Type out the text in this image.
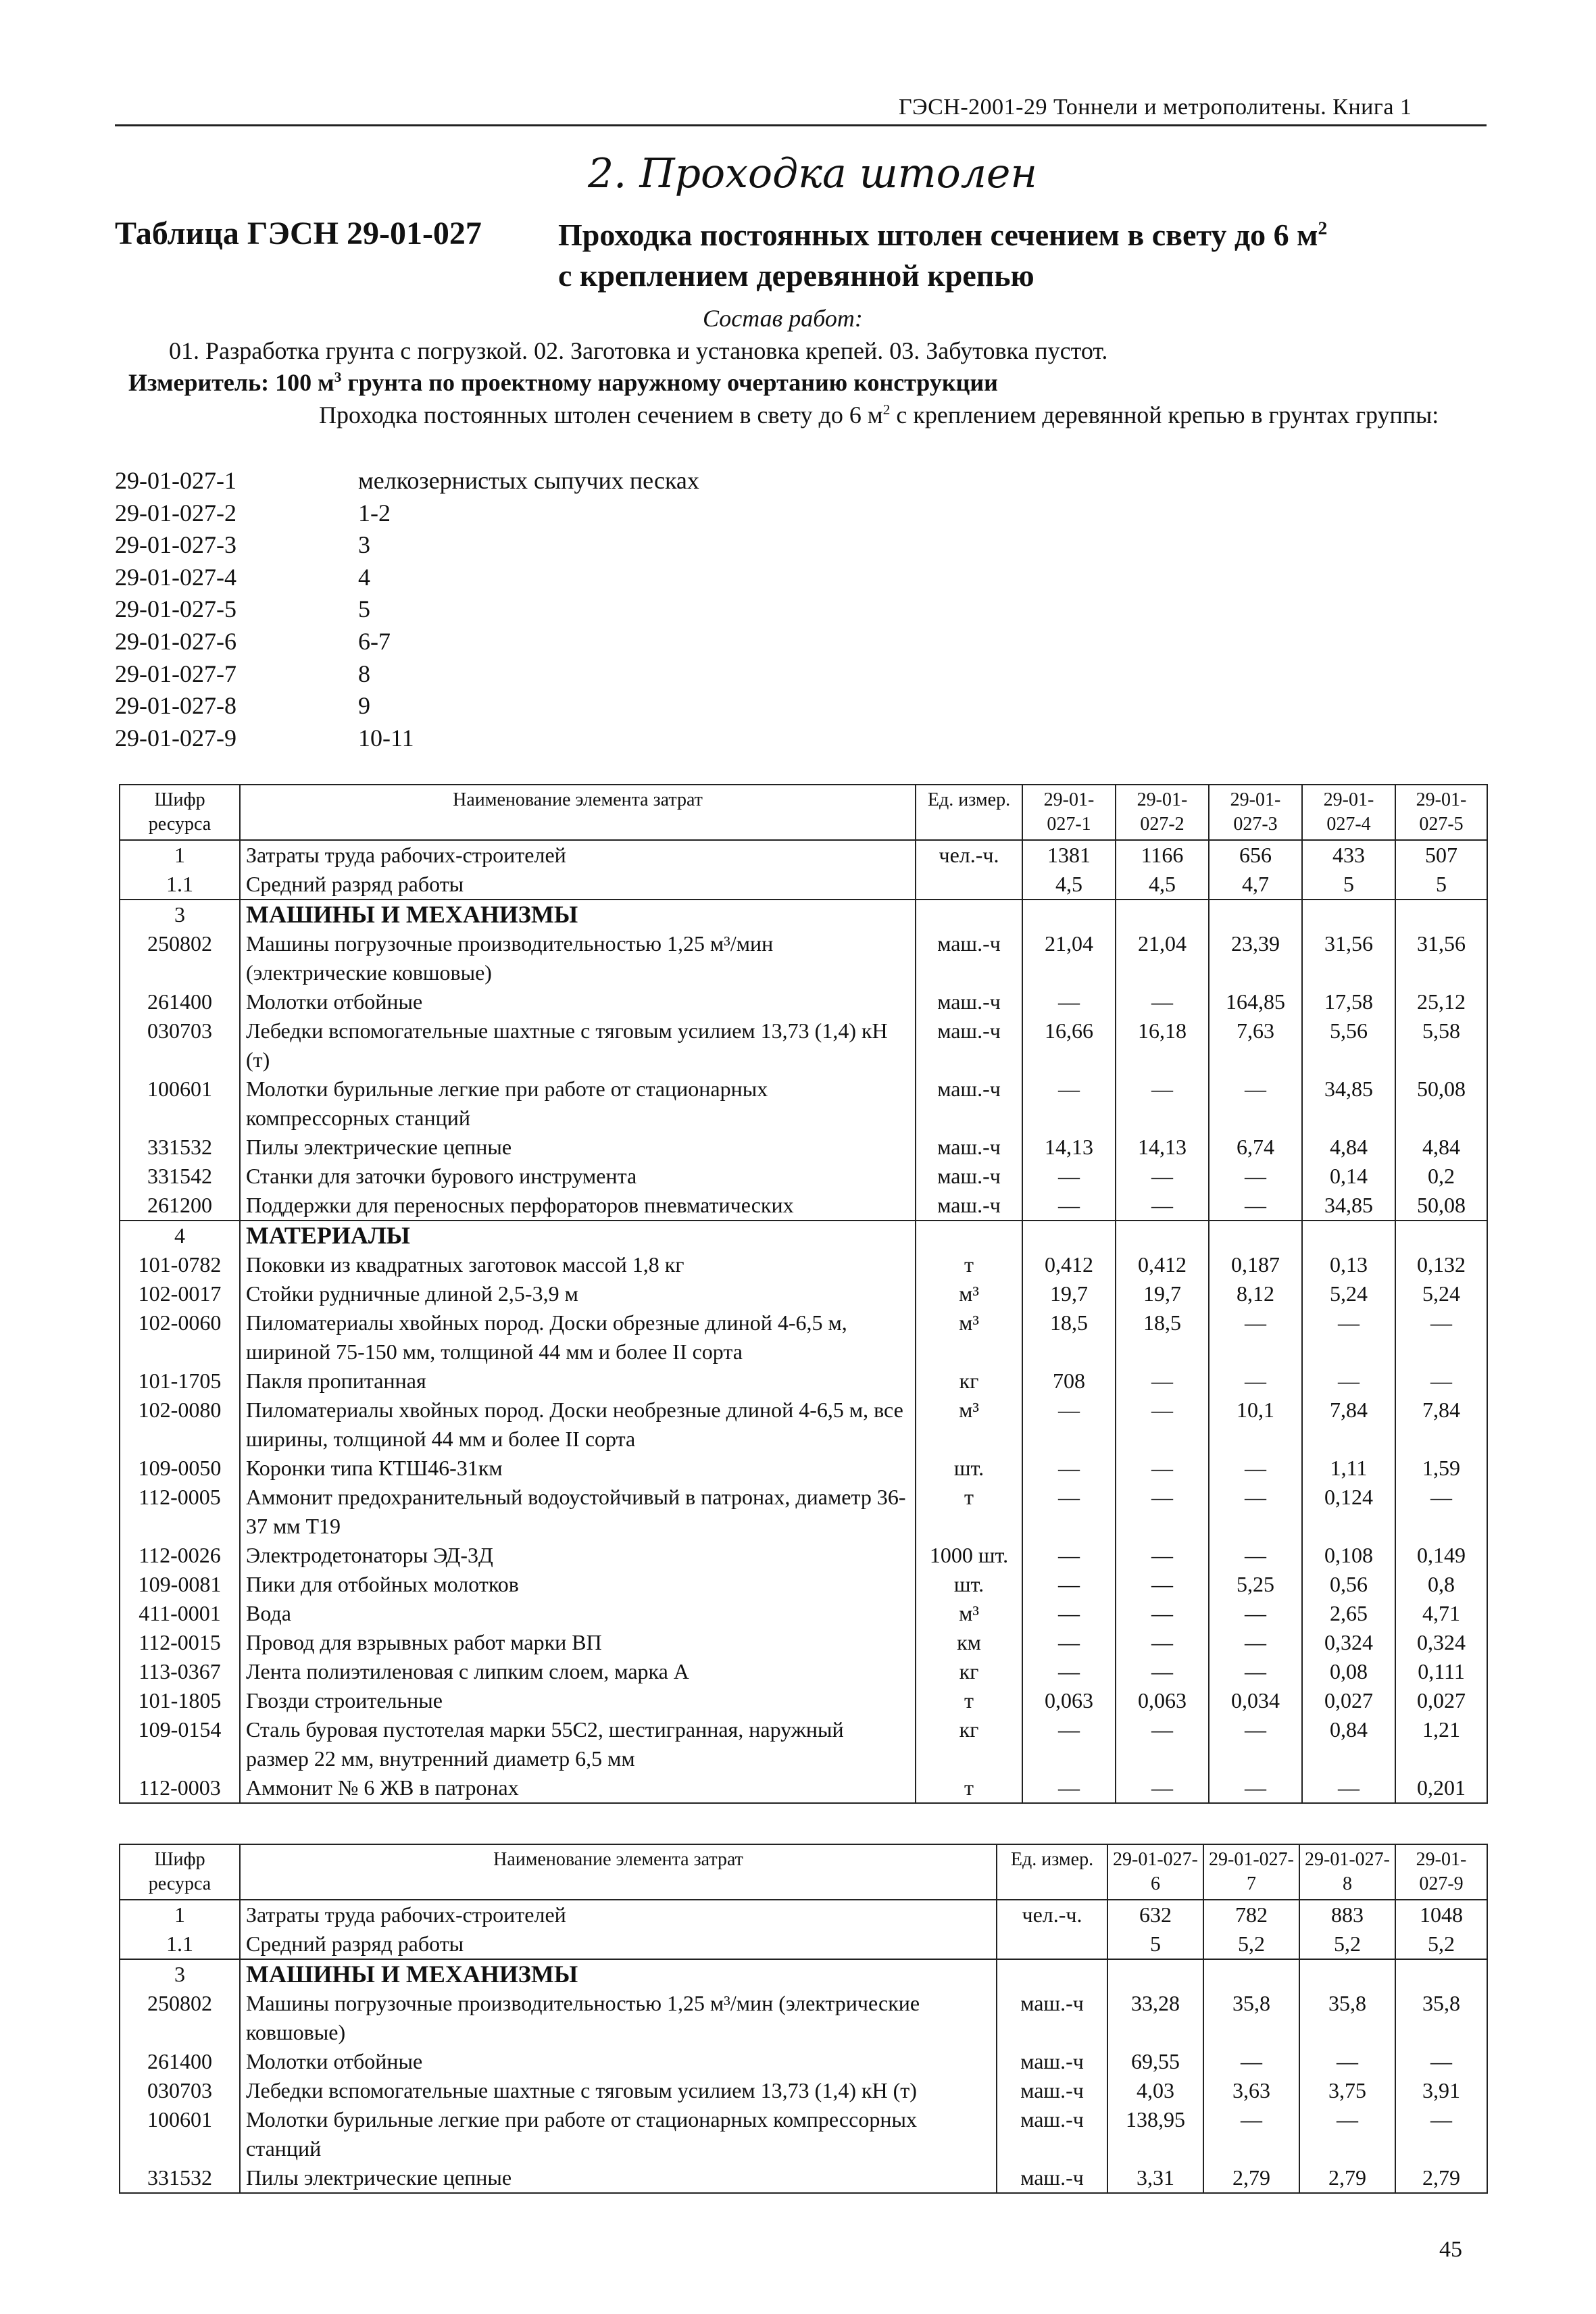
ГЭСН-2001-29 Тоннели и метрополитены. Книга 1
2. Проходка штолен
Таблица ГЭСН 29-01-027 Проходка постоянных штолен сечением в свету до 6 $м^2$
с креплением деревянной крепью
Состав работ:
01. Разработка грунта с погрузкой. 02. Заготовка и установка крепей. 03. Забутовка пустот.
Измеритель: 100 $м^3$ грунта по проектному наружному очертанию конструкции
Проходка постоянных штолен сечением в свету до 6 $м^2$ с креплением деревянной крепью в грунтах группы:
29-01-027-1	мелкозернистых сыпучих песках
29-01-027-2	1-2
29-01-027-3	3
29-01-027-4	4
29-01-027-5	5
29-01-027-6	6-7
29-01-027-7	8
29-01-027-8	9
29-01-027-9	10-11
Шифр ресурса	Наименование элемента затрат	Ед. измер.	29-01-027-1	29-01-027-2	29-01-027-3	29-01-027-4	29-01-027-5
1	Затраты труда рабочих-строителей	чел.-ч.	1381	1166	656	433	507
1.1	Средний разряд работы		4,5	4,5	4,7	5	5
3	МАШИНЫ И МЕХАНИЗМЫ						
250802	Машины погрузочные производительностью 1,25 м³/мин (электрические ковшовые)	маш.-ч	21,04	21,04	23,39	31,56	31,56
261400	Молотки отбойные	маш.-ч	—	—	164,85	17,58	25,12
030703	Лебедки вспомогательные шахтные с тяговым усилием 13,73 (1,4) кН (т)	маш.-ч	16,66	16,18	7,63	5,56	5,58
100601	Молотки бурильные легкие при работе от стационарных компрессорных станций	маш.-ч	—	—	—	34,85	50,08
331532	Пилы электрические цепные	маш.-ч	14,13	14,13	6,74	4,84	4,84
331542	Станки для заточки бурового инструмента	маш.-ч	—	—	—	0,14	0,2
261200	Поддержки для переносных перфораторов пневматических	маш.-ч	—	—	—	34,85	50,08
4	МАТЕРИАЛЫ						
101-0782	Поковки из квадратных заготовок массой 1,8 кг	т	0,412	0,412	0,187	0,13	0,132
102-0017	Стойки рудничные длиной 2,5-3,9 м	м³	19,7	19,7	8,12	5,24	5,24
102-0060	Пиломатериалы хвойных пород. Доски обрезные длиной 4-6,5 м, шириной 75-150 мм, толщиной 44 мм и более II сорта	м³	18,5	18,5	—	—	—
101-1705	Пакля пропитанная	кг	708	—	—	—	—
102-0080	Пиломатериалы хвойных пород. Доски необрезные длиной 4-6,5 м, все ширины, толщиной 44 мм и более II сорта	м³	—	—	10,1	7,84	7,84
109-0050	Коронки типа КТШ46-31км	шт.	—	—	—	1,11	1,59
112-0005	Аммонит предохранительный водоустойчивый в патронах, диаметр 36-37 мм Т19	т	—	—	—	0,124	—
112-0026	Электродетонаторы ЭД-3Д	1000 шт.	—	—	—	0,108	0,149
109-0081	Пики для отбойных молотков	шт.	—	—	5,25	0,56	0,8
411-0001	Вода	м³	—	—	—	2,65	4,71
112-0015	Провод для взрывных работ марки ВП	км	—	—	—	0,324	0,324
113-0367	Лента полиэтиленовая с липким слоем, марка А	кг	—	—	—	0,08	0,111
101-1805	Гвозди строительные	т	0,063	0,063	0,034	0,027	0,027
109-0154	Сталь буровая пустотелая марки 55С2, шестигранная, наружный размер 22 мм, внутренний диаметр 6,5 мм	кг	—	—	—	0,84	1,21
112-0003	Аммонит № 6 ЖВ в патронах	т	—	—	—	—	0,201
Шифр ресурса	Наименование элемента затрат	Ед. измер.	29-01-027-6	29-01-027-7	29-01-027-8	29-01-027-9
1	Затраты труда рабочих-строителей	чел.-ч.	632	782	883	1048
1.1	Средний разряд работы		5	5,2	5,2	5,2
3	МАШИНЫ И МЕХАНИЗМЫ					
250802	Машины погрузочные производительностью 1,25 м³/мин (электрические ковшовые)	маш.-ч	33,28	35,8	35,8	35,8
261400	Молотки отбойные	маш.-ч	69,55	—	—	—
030703	Лебедки вспомогательные шахтные с тяговым усилием 13,73 (1,4) кН (т)	маш.-ч	4,03	3,63	3,75	3,91
100601	Молотки бурильные легкие при работе от стационарных компрессорных станций	маш.-ч	138,95	—	—	—
331532	Пилы электрические цепные	маш.-ч	3,31	2,79	2,79	2,79
45
